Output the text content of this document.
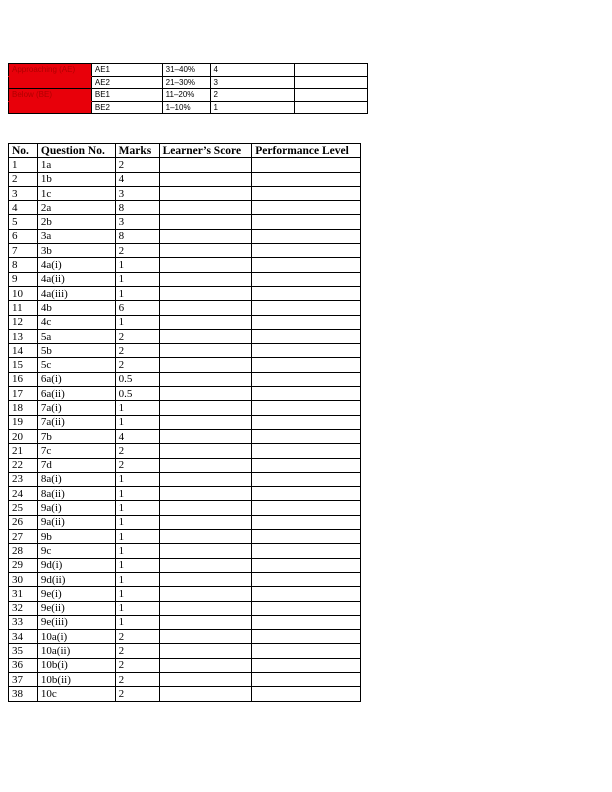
Approaching (AE)	AE1	31–40%	4	
	AE2	21–30%	3	
Below (BE)	BE1	11–20%	2	
	BE2	1–10%	1	
No.	Question No.	Marks	Learner’s Score	Performance Level
1	1a	2		
2	1b	4		
3	1c	3		
4	2a	8		
5	2b	3		
6	3a	8		
7	3b	2		
8	4a(i)	1		
9	4a(ii)	1		
10	4a(iii)	1		
11	4b	6		
12	4c	1		
13	5a	2		
14	5b	2		
15	5c	2		
16	6a(i)	0.5		
17	6a(ii)	0.5		
18	7a(i)	1		
19	7a(ii)	1		
20	7b	4		
21	7c	2		
22	7d	2		
23	8a(i)	1		
24	8a(ii)	1		
25	9a(i)	1		
26	9a(ii)	1		
27	9b	1		
28	9c	1		
29	9d(i)	1		
30	9d(ii)	1		
31	9e(i)	1		
32	9e(ii)	1		
33	9e(iii)	1		
34	10a(i)	2		
35	10a(ii)	2		
36	10b(i)	2		
37	10b(ii)	2		
38	10c	2		
